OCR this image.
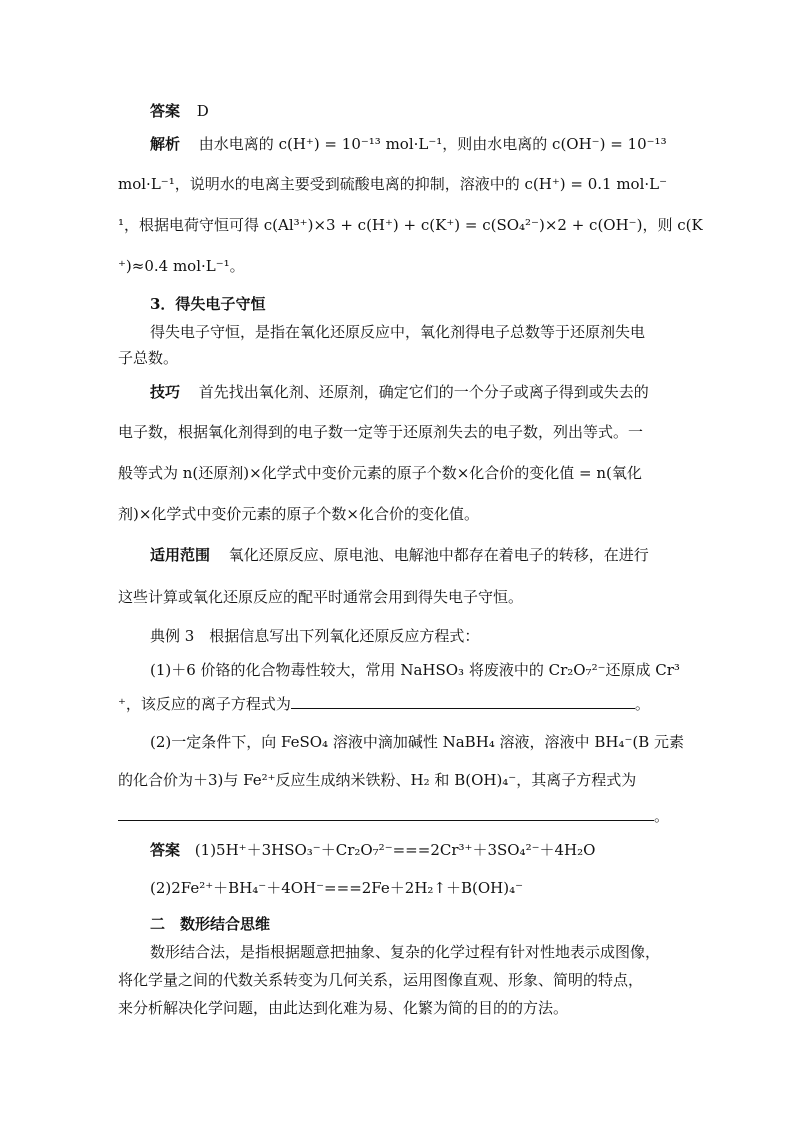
答案 D
解析 由水电离的 c(H⁺) = 10⁻¹³ mol·L⁻¹，则由水电离的 c(OH⁻) = 10⁻¹³
mol·L⁻¹，说明水的电离主要受到硫酸电离的抑制，溶液中的 c(H⁺) = 0.1 mol·L⁻
¹，根据电荷守恒可得 c(Al³⁺)×3 + c(H⁺) + c(K⁺) = c(SO₄²⁻)×2 + c(OH⁻)，则 c(K
⁺)≈0.4 mol·L⁻¹。
3．得失电子守恒
得失电子守恒，是指在氧化还原反应中，氧化剂得电子总数等于还原剂失电
子总数。
技巧 首先找出氧化剂、还原剂，确定它们的一个分子或离子得到或失去的
电子数，根据氧化剂得到的电子数一定等于还原剂失去的电子数，列出等式。一
般等式为 n(还原剂)×化学式中变价元素的原子个数×化合价的变化值 = n(氧化
剂)×化学式中变价元素的原子个数×化合价的变化值。
适用范围 氧化还原反应、原电池、电解池中都存在着电子的转移，在进行
这些计算或氧化还原反应的配平时通常会用到得失电子守恒。
典例 3　根据信息写出下列氧化还原反应方程式：
(1)＋6 价铬的化合物毒性较大，常用 NaHSO₃ 将废液中的 Cr₂O₇²⁻还原成 Cr³
⁺，该反应的离子方程式为	。
(2)一定条件下，向 FeSO₄ 溶液中滴加碱性 NaBH₄ 溶液，溶液中 BH₄⁻(B 元素
的化合价为＋3)与 Fe²⁺反应生成纳米铁粉、H₂ 和 B(OH)₄⁻，其离子方程式为
。
答案 (1)5H⁺＋3HSO₃⁻＋Cr₂O₇²⁻===2Cr³⁺＋3SO₄²⁻＋4H₂O
(2)2Fe²⁺＋BH₄⁻＋4OH⁻===2Fe＋2H₂↑＋B(OH)₄⁻
二　数形结合思维
数形结合法，是指根据题意把抽象、复杂的化学过程有针对性地表示成图像，
将化学量之间的代数关系转变为几何关系，运用图像直观、形象、简明的特点，
来分析解决化学问题，由此达到化难为易、化繁为简的目的的方法。
